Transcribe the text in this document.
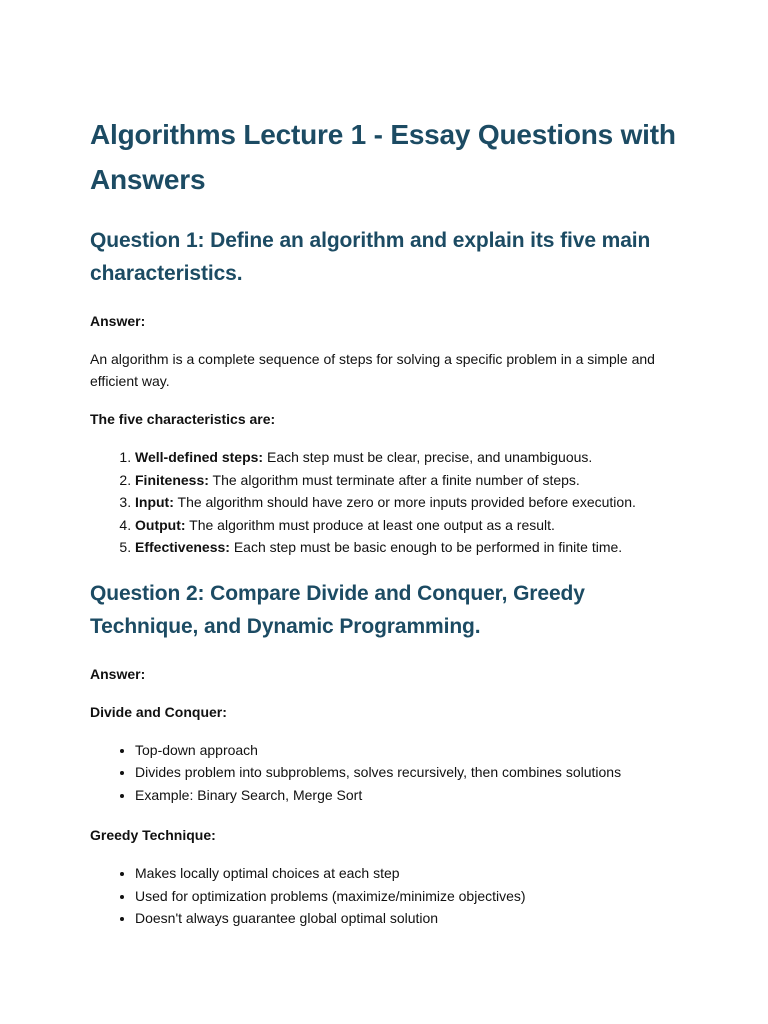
Algorithms Lecture 1 - Essay Questions with Answers
Question 1: Define an algorithm and explain its five main characteristics.

Answer:

An algorithm is a complete sequence of steps for solving a specific problem in a simple and efficient way.

The five characteristics are:

1. Well-defined steps: Each step must be clear, precise, and unambiguous.
2. Finiteness: The algorithm must terminate after a finite number of steps.
3. Input: The algorithm should have zero or more inputs provided before execution.
4. Output: The algorithm must produce at least one output as a result.
5. Effectiveness: Each step must be basic enough to be performed in finite time.
Question 2: Compare Divide and Conquer, Greedy Technique, and Dynamic Programming.

Answer:

Divide and Conquer:

• Top-down approach
• Divides problem into subproblems, solves recursively, then combines solutions
• Example: Binary Search, Merge Sort

Greedy Technique:

• Makes locally optimal choices at each step
• Used for optimization problems (maximize/minimize objectives)
• Doesn't always guarantee global optimal solution
